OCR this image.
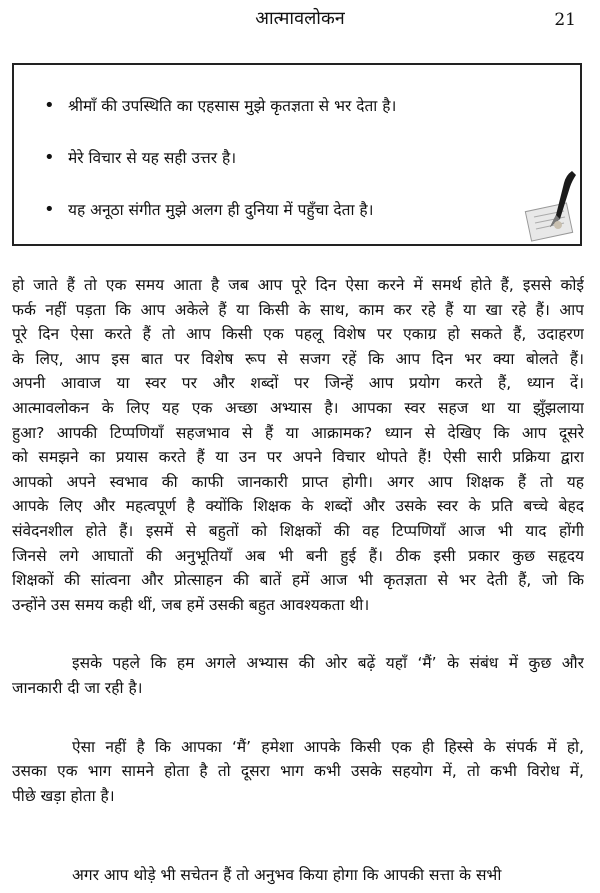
आत्मावलोकन	21
• श्रीमाँ की उपस्थिति का एहसास मुझे कृतज्ञता से भर देता है।
• मेरे विचार से यह सही उत्तर है।
• यह अनूठा संगीत मुझे अलग ही दुनिया में पहुँचा देता है।
हो जाते हैं तो एक समय आता है जब आप पूरे दिन ऐसा करने में समर्थ होते हैं, इससे कोई
फर्क नहीं पड़ता कि आप अकेले हैं या किसी के साथ, काम कर रहे हैं या खा रहे हैं। आप
पूरे दिन ऐसा करते हैं तो आप किसी एक पहलू विशेष पर एकाग्र हो सकते हैं, उदाहरण
के लिए, आप इस बात पर विशेष रूप से सजग रहें कि आप दिन भर क्या बोलते हैं।
अपनी आवाज या स्वर पर और शब्दों पर जिन्हें आप प्रयोग करते हैं, ध्यान दें।
आत्मावलोकन के लिए यह एक अच्छा अभ्यास है। आपका स्वर सहज था या झुँझलाया
हुआ? आपकी टिप्पणियाँ सहजभाव से हैं या आक्रामक? ध्यान से देखिए कि आप दूसरे
को समझने का प्रयास करते हैं या उन पर अपने विचार थोपते हैं! ऐसी सारी प्रक्रिया द्वारा
आपको अपने स्वभाव की काफी जानकारी प्राप्त होगी। अगर आप शिक्षक हैं तो यह
आपके लिए और महत्वपूर्ण है क्योंकि शिक्षक के शब्दों और उसके स्वर के प्रति बच्चे बेहद
संवेदनशील होते हैं। इसमें से बहुतों को शिक्षकों की वह टिप्पणियाँ आज भी याद होंगी
जिनसे लगे आघातों की अनुभूतियाँ अब भी बनी हुई हैं। ठीक इसी प्रकार कुछ सहृदय
शिक्षकों की सांत्वना और प्रोत्साहन की बातें हमें आज भी कृतज्ञता से भर देती हैं, जो कि
उन्होंने उस समय कही थीं, जब हमें उसकी बहुत आवश्यकता थी।
इसके पहले कि हम अगले अभ्यास की ओर बढ़ें यहाँ ‘मैं’ के संबंध में कुछ और
जानकारी दी जा रही है।
ऐसा नहीं है कि आपका ‘मैं’ हमेशा आपके किसी एक ही हिस्से के संपर्क में हो,
उसका एक भाग सामने होता है तो दूसरा भाग कभी उसके सहयोग में, तो कभी विरोध में,
पीछे खड़ा होता है।
अगर आप थोड़े भी सचेतन हैं तो अनुभव किया होगा कि आपकी सत्ता के सभी
